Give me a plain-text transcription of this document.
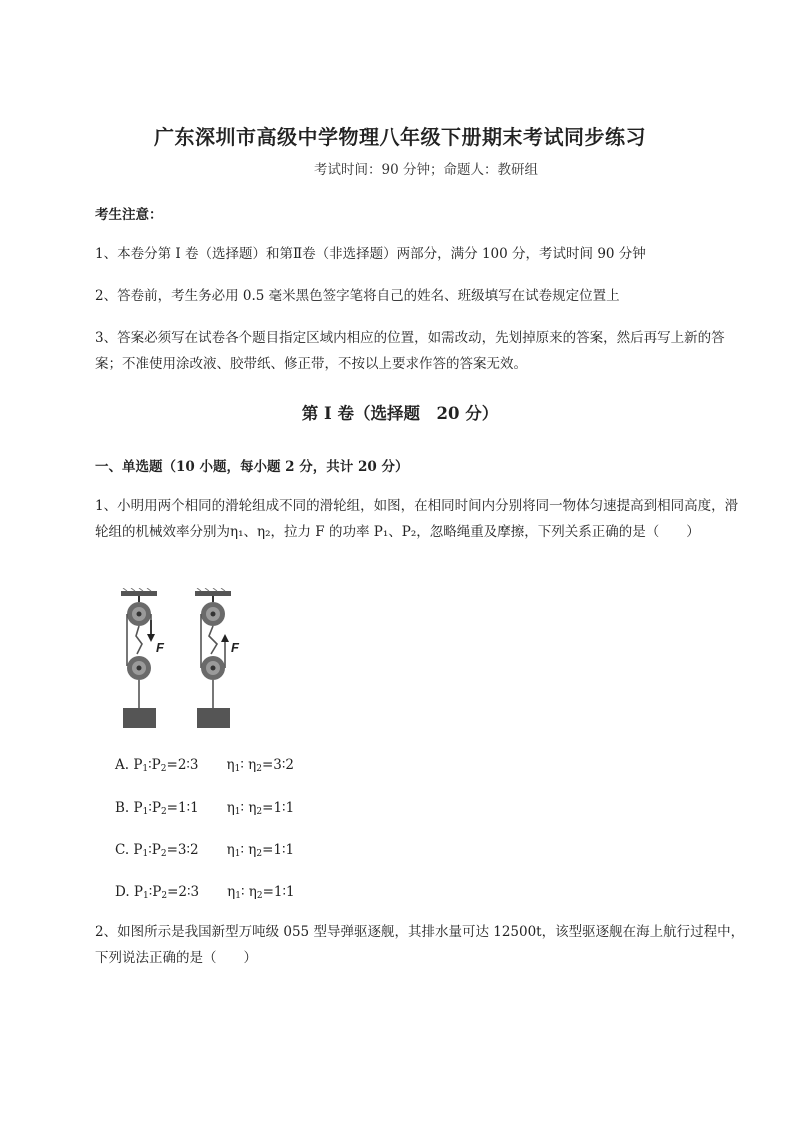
广东深圳市高级中学物理八年级下册期末考试同步练习
考试时间：90 分钟；命题人：教研组
考生注意：
1、本卷分第 I 卷（选择题）和第Ⅱ卷（非选择题）两部分，满分 100 分，考试时间 90 分钟
2、答卷前，考生务必用 0.5 毫米黑色签字笔将自己的姓名、班级填写在试卷规定位置上
3、答案必须写在试卷各个题目指定区域内相应的位置，如需改动，先划掉原来的答案，然后再写上新的答案；不准使用涂改液、胶带纸、修正带，不按以上要求作答的答案无效。
第 I 卷（选择题　20 分）
一、单选题（10 小题，每小题 2 分，共计 20 分）
1、小明用两个相同的滑轮组成不同的滑轮组，如图，在相同时间内分别将同一物体匀速提高到相同高度，滑轮组的机械效率分别为η₁、η₂，拉力 F 的功率 P₁、P₂，忽略绳重及摩擦，下列关系正确的是（　　）
F	F
A. $P_1∶P_2=2∶3$ $\eta_1∶$ $\eta_2=3∶2$
B. $P_1∶P_2=1∶1$ $\eta_1∶$ $\eta_2=1∶1$
C. $P_1∶P_2=3∶2$ $\eta_1∶$ $\eta_2=1∶1$
D. $P_1∶P_2=2∶3$ $\eta_1∶$ $\eta_2=1∶1$
2、如图所示是我国新型万吨级 055 型导弹驱逐舰，其排水量可达 12500t，该型驱逐舰在海上航行过程中，下列说法正确的是（　　）
